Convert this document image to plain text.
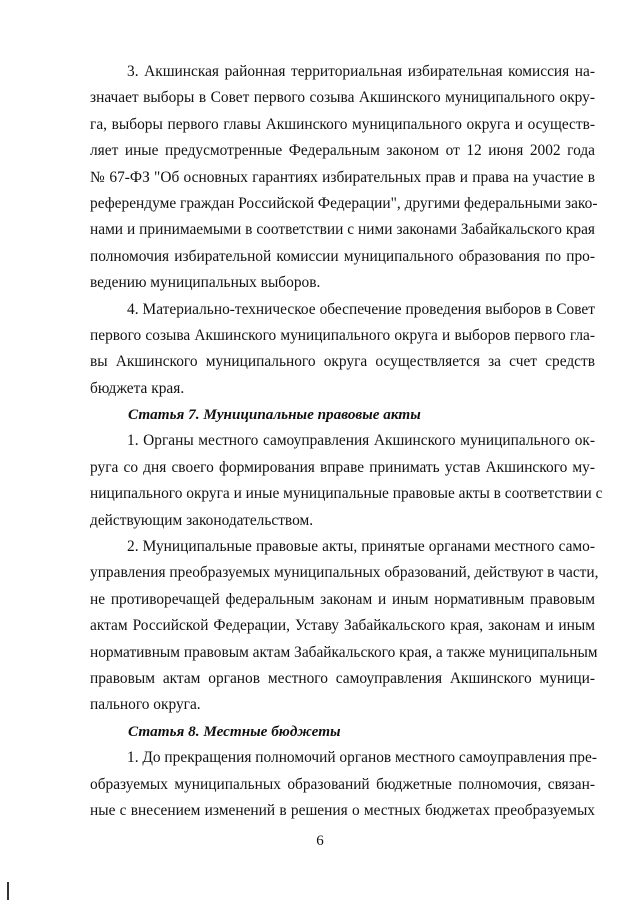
3. Акшинская районная территориальная избирательная комиссия на-
значает выборы в Совет первого созыва Акшинского муниципального окру-
га, выборы первого главы Акшинского муниципального округа и осуществ-
ляет иные предусмотренные Федеральным законом от 12 июня 2002 года
№ 67-ФЗ "Об основных гарантиях избирательных прав и права на участие в
референдуме граждан Российской Федерации", другими федеральными зако-
нами и принимаемыми в соответствии с ними законами Забайкальского края
полномочия избирательной комиссии муниципального образования по про-
ведению муниципальных выборов.
4. Материально-техническое обеспечение проведения выборов в Совет
первого созыва Акшинского муниципального округа и выборов первого гла-
вы Акшинского муниципального округа осуществляется за счет средств
бюджета края.
Статья 7. Муниципальные правовые акты
1. Органы местного самоуправления Акшинского муниципального ок-
руга со дня своего формирования вправе принимать устав Акшинского му-
ниципального округа и иные муниципальные правовые акты в соответствии с
действующим законодательством.
2. Муниципальные правовые акты, принятые органами местного само-
управления преобразуемых муниципальных образований, действуют в части,
не противоречащей федеральным законам и иным нормативным правовым
актам Российской Федерации, Уставу Забайкальского края, законам и иным
нормативным правовым актам Забайкальского края, а также муниципальным
правовым актам органов местного самоуправления Акшинского муници-
пального округа.
Статья 8. Местные бюджеты
1. До прекращения полномочий органов местного самоуправления пре-
образуемых муниципальных образований бюджетные полномочия, связан-
ные с внесением изменений в решения о местных бюджетах преобразуемых
6
